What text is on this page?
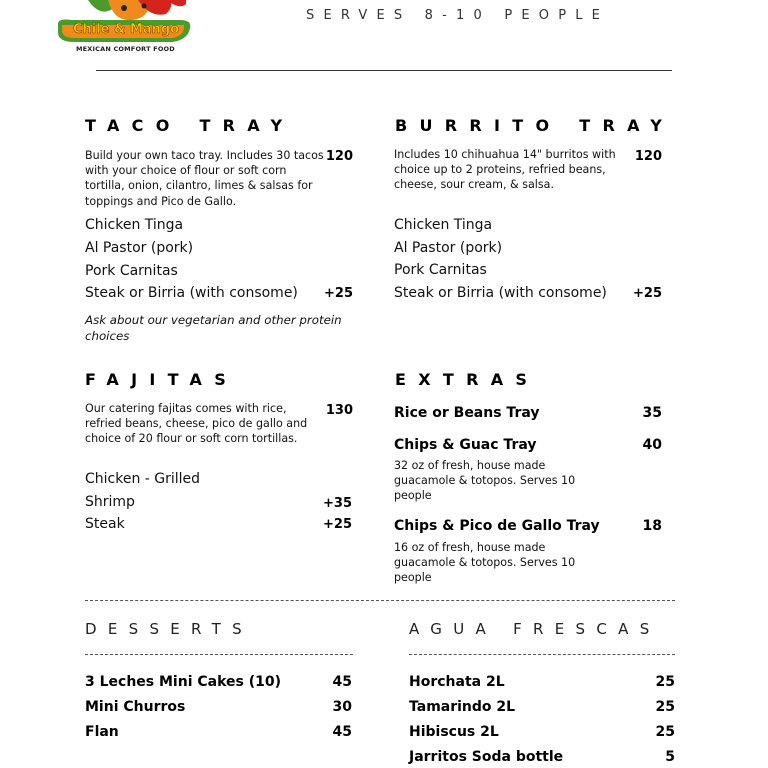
Chile & Mango
MEXICAN COMFORT FOOD
SERVES 8-10 PEOPLE
TACO TRAY
Build your own taco tray. Includes 30 tacos with your choice of flour or soft corn tortilla, onion, cilantro, limes & salsas for toppings and Pico de Gallo.
120
Chicken Tinga
Al Pastor (pork)
Pork Carnitas
Steak or Birria (with consome)	+25
Ask about our vegetarian and other protein choices
BURRITO TRAY
Includes 10 chihuahua 14" burritos with choice up to 2 proteins, refried beans, cheese, sour cream, & salsa.
120
Chicken Tinga
Al Pastor (pork)
Pork Carnitas
Steak or Birria (with consome)	+25
FAJITAS
Our catering fajitas comes with rice, refried beans, cheese, pico de gallo and choice of 20 flour or soft corn tortillas.
130
Chicken - Grilled
Shrimp	+35
Steak	+25
EXTRAS
Rice or Beans Tray	35
Chips & Guac Tray	40
32 oz of fresh, house made guacamole & totopos. Serves 10 people
Chips & Pico de Gallo Tray	18
16 oz of fresh, house made guacamole & totopos. Serves 10 people
DESSERTS
3 Leches Mini Cakes (10)	45
Mini Churros	30
Flan	45
AGUA FRESCAS
Horchata 2L	25
Tamarindo 2L	25
Hibiscus 2L	25
Jarritos Soda bottle	5
